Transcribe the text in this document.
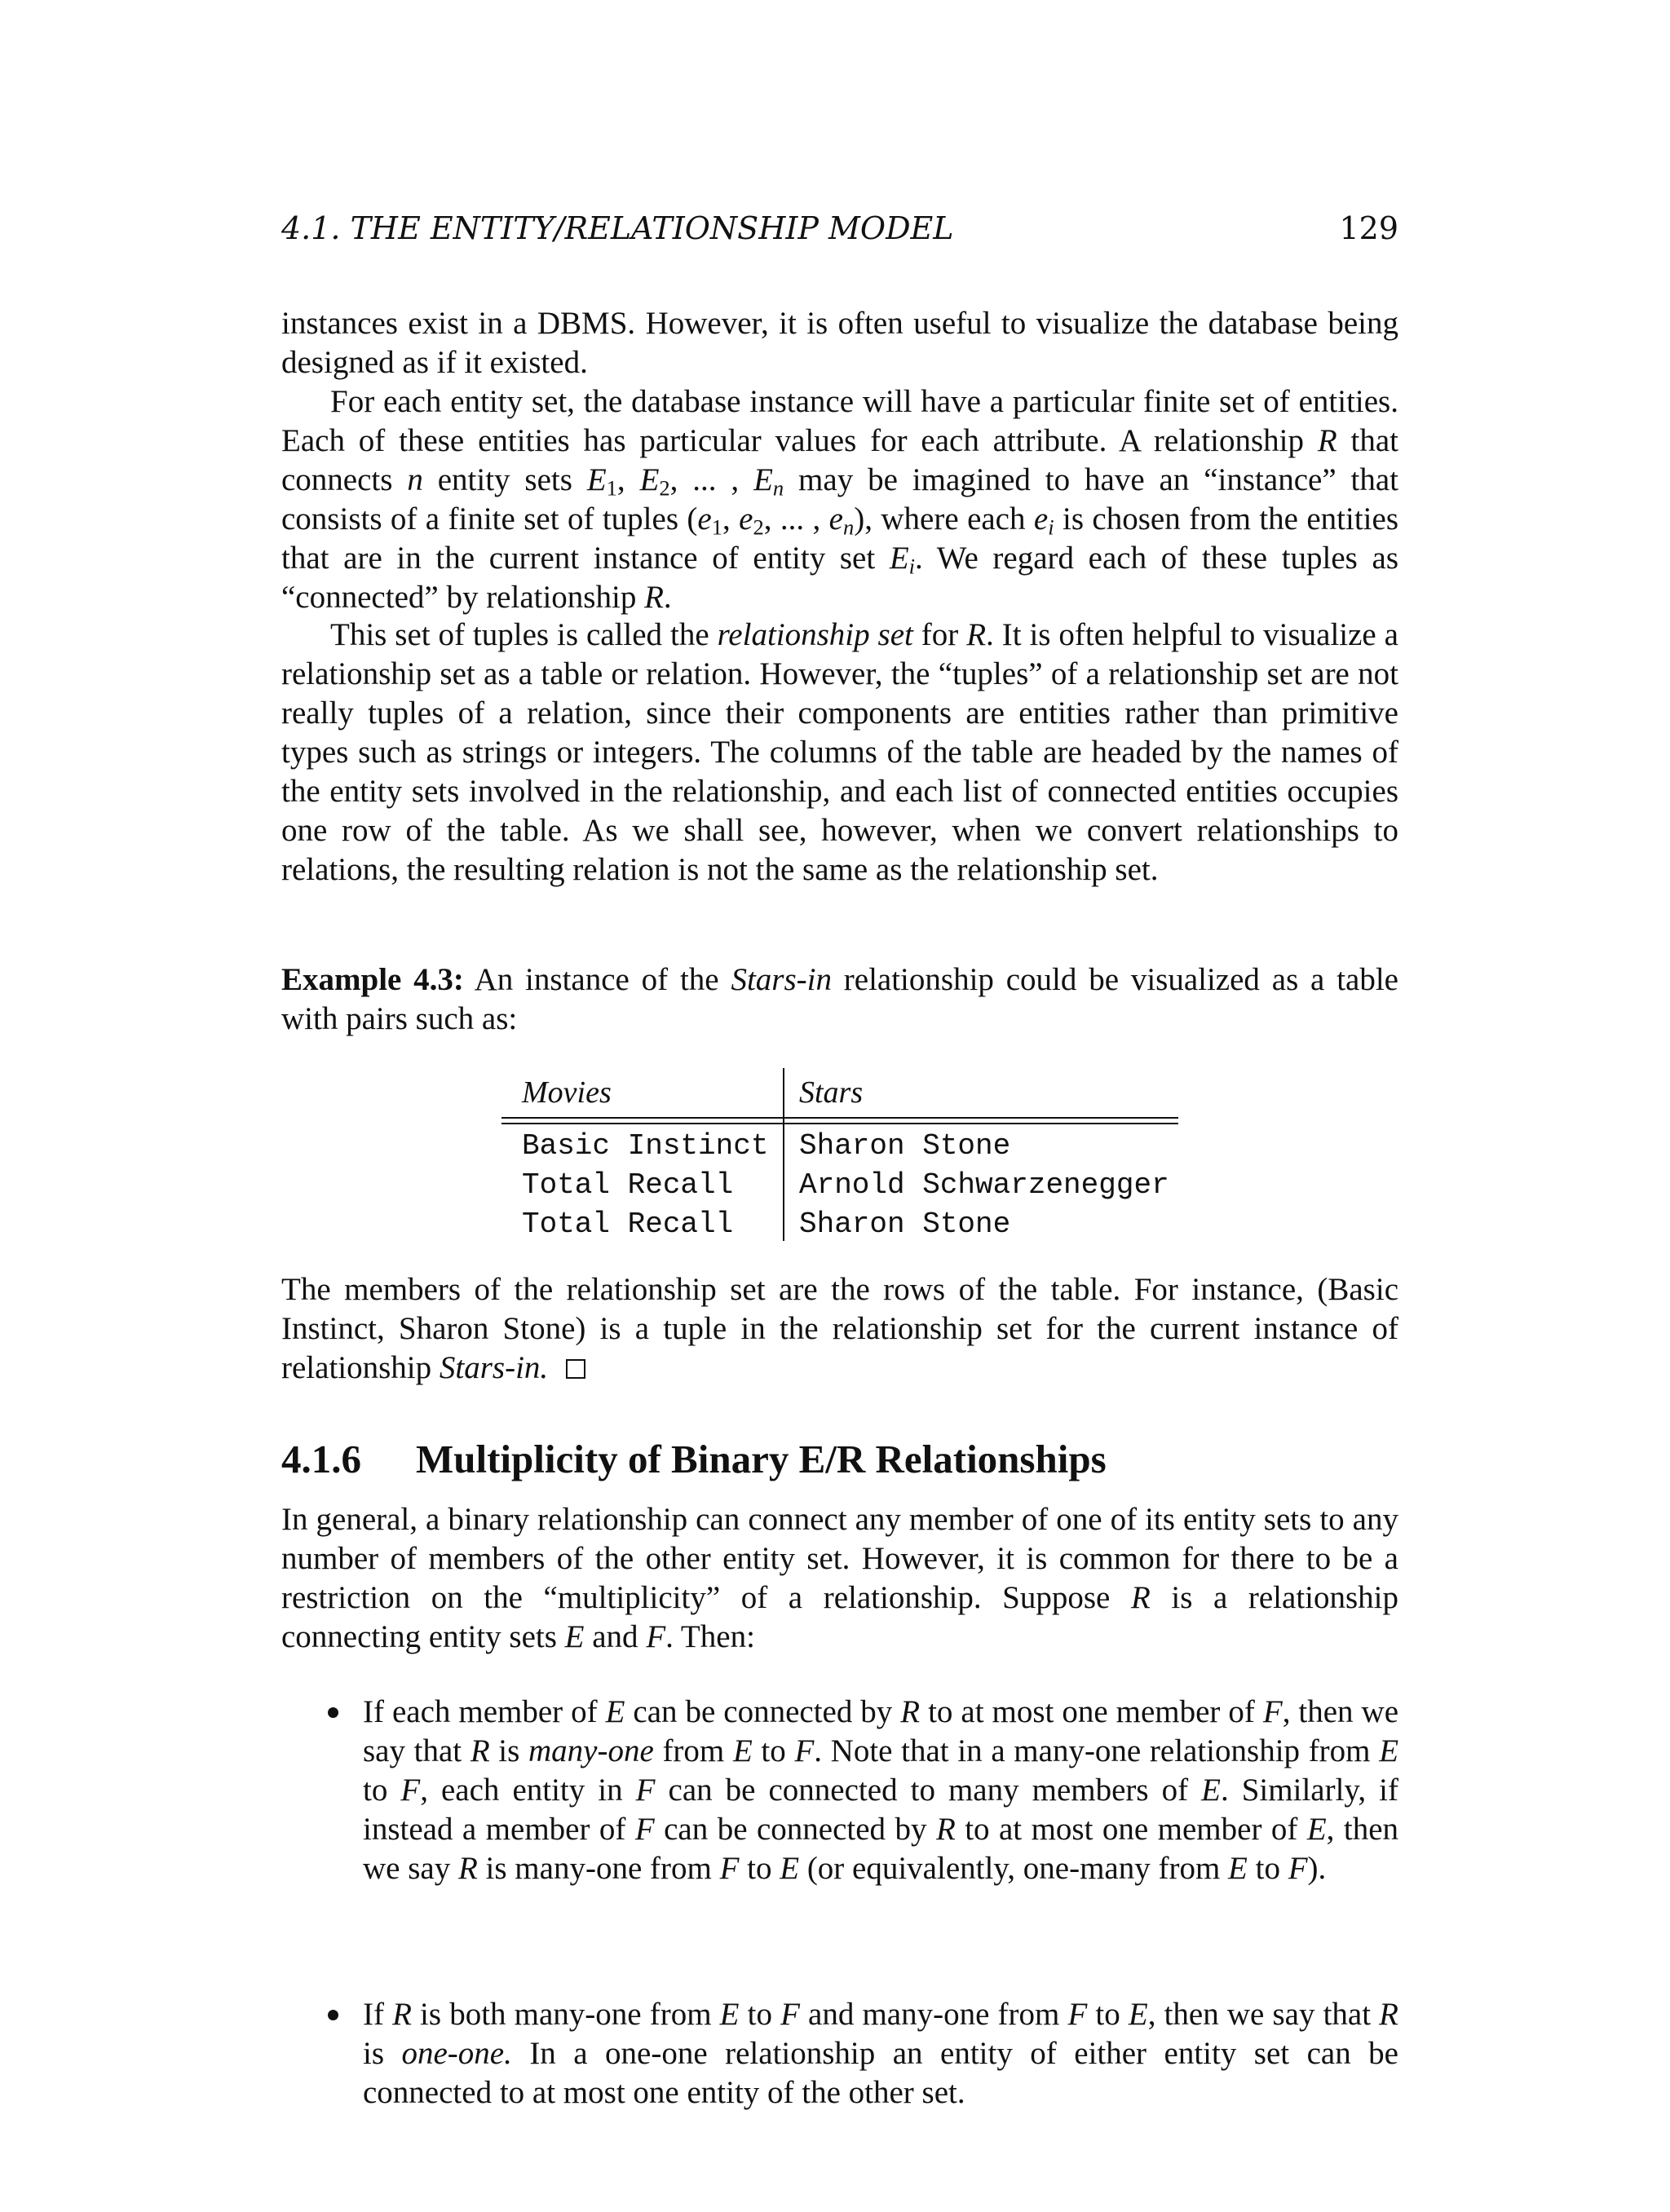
4.1. THE ENTITY/RELATIONSHIP MODEL	129

instances exist in a DBMS. However, it is often useful to visualize the database being designed as if it existed.

For each entity set, the database instance will have a particular finite set of entities. Each of these entities has particular values for each attribute. A relationship R that connects n entity sets $E_1$, $E_2$, ... , $E_n$ may be imagined to have an “instance” that consists of a finite set of tuples ($e_1$, $e_2$, ... , $e_n$), where each $e_i$ is chosen from the entities that are in the current instance of entity set $E_i$. We regard each of these tuples as “connected” by relationship R.

This set of tuples is called the relationship set for R. It is often helpful to visualize a relationship set as a table or relation. However, the “tuples” of a relationship set are not really tuples of a relation, since their components are entities rather than primitive types such as strings or integers. The columns of the table are headed by the names of the entity sets involved in the relationship, and each list of connected entities occupies one row of the table. As we shall see, however, when we convert relationships to relations, the resulting relation is not the same as the relationship set.

Example 4.3: An instance of the Stars-in relationship could be visualized as a table with pairs such as:

Movies	Stars
Basic Instinct Sharon Stone
Total Recall Arnold Schwarzenegger
Total Recall Sharon Stone

The members of the relationship set are the rows of the table. For instance, (Basic Instinct, Sharon Stone) is a tuple in the relationship set for the current instance of relationship Stars-in.

4.1.6 Multiplicity of Binary E/R Relationships

In general, a binary relationship can connect any member of one of its entity sets to any number of members of the other entity set. However, it is common for there to be a restriction on the “multiplicity” of a relationship. Suppose R is a relationship connecting entity sets E and F. Then:

If each member of E can be connected by R to at most one member of F, then we say that R is many-one from E to F. Note that in a many-one relationship from E to F, each entity in F can be connected to many members of E. Similarly, if instead a member of F can be connected by R to at most one member of E, then we say R is many-one from F to E (or equivalently, one-many from E to F).

If R is both many-one from E to F and many-one from F to E, then we say that R is one-one. In a one-one relationship an entity of either entity set can be connected to at most one entity of the other set.
